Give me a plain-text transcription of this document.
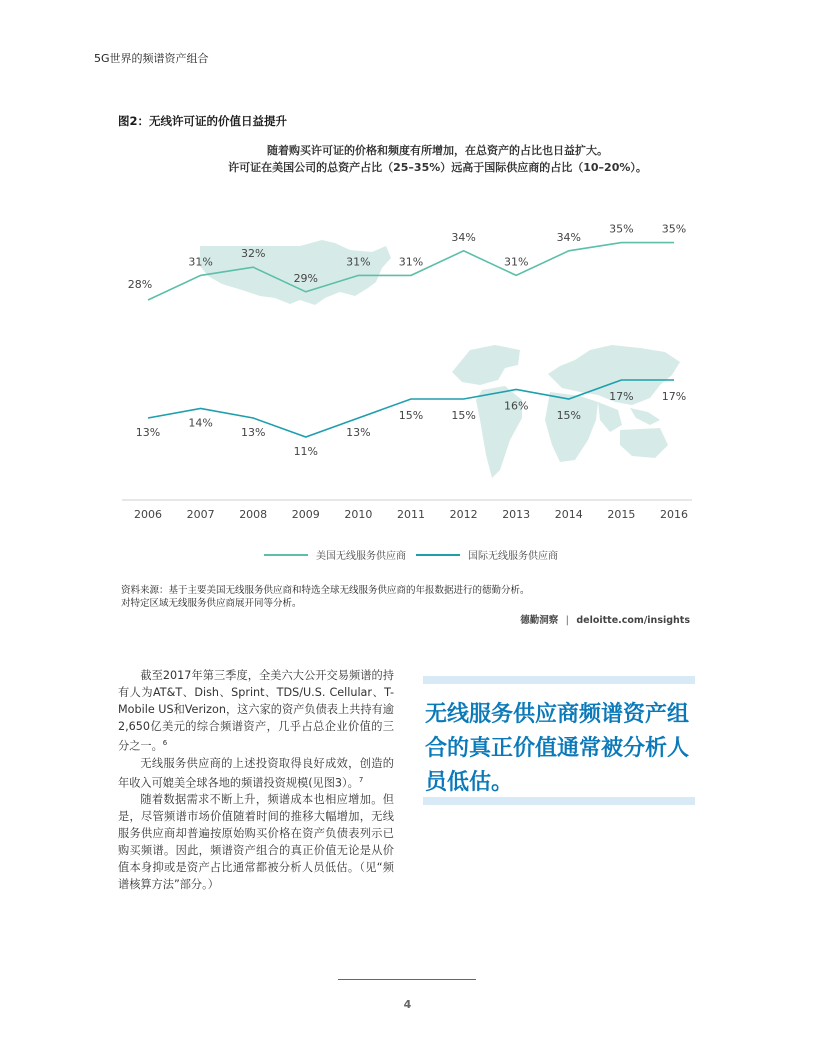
5G世界的频谱资产组合
图2：无线许可证的价值日益提升
随着购买许可证的价格和频度有所增加，在总资产的占比也日益扩大。
许可证在美国公司的总资产占比（25–35%）远高于国际供应商的占比（10–20%）。
28%
31%
32%
29%
31%	31%
34%
31%
34%
35%	35%
13%
14%
13%
11%
13%
15%	15%
16%
15%
17%	17%
2006 2007 2008 2009 2010 2011 2012 2013 2014 2015 2016
美国无线服务供应商	国际无线服务供应商
资料来源：基于主要美国无线服务供应商和特选全球无线服务供应商的年报数据进行的德勤分析。
对特定区域无线服务供应商展开同等分析。
德勤洞察 | deloitte.com/insights

截至2017年第三季度，全美六大公开交易频谱的持有人为AT&T、Dish、Sprint、TDS/U.S. Cellular、T-Mobile US和Verizon，这六家的资产负债表上共持有逾2,650亿美元的综合频谱资产，几乎占总企业价值的三分之一。$^6$

无线服务供应商的上述投资取得良好成效，创造的年收入可媲美全球各地的频谱投资规模(见图3）。$^7$

随着数据需求不断上升，频谱成本也相应增加。但是，尽管频谱市场价值随着时间的推移大幅增加，无线服务供应商却普遍按原始购买价格在资产负债表列示已购买频谱。因此，频谱资产组合的真正价值无论是从价值本身抑或是资产占比通常都被分析人员低估。（见“频谱核算方法”部分。）

无线服务供应商频谱资产组合的真正价值通常被分析人员低估。
4
